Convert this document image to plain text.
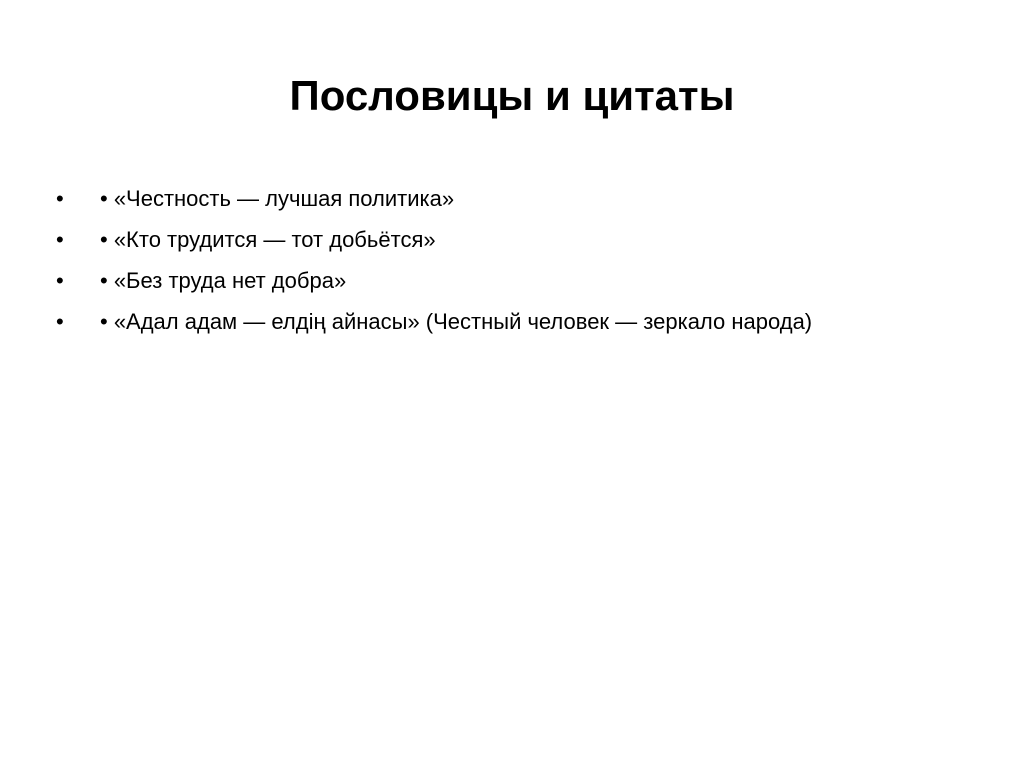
Пословицы и цитаты
•	• «Честность — лучшая политика»
•	• «Кто трудится — тот добьётся»
•	• «Без труда нет добра»
•	• «Адал адам — елдің айнасы» (Честный человек — зеркало народа)
